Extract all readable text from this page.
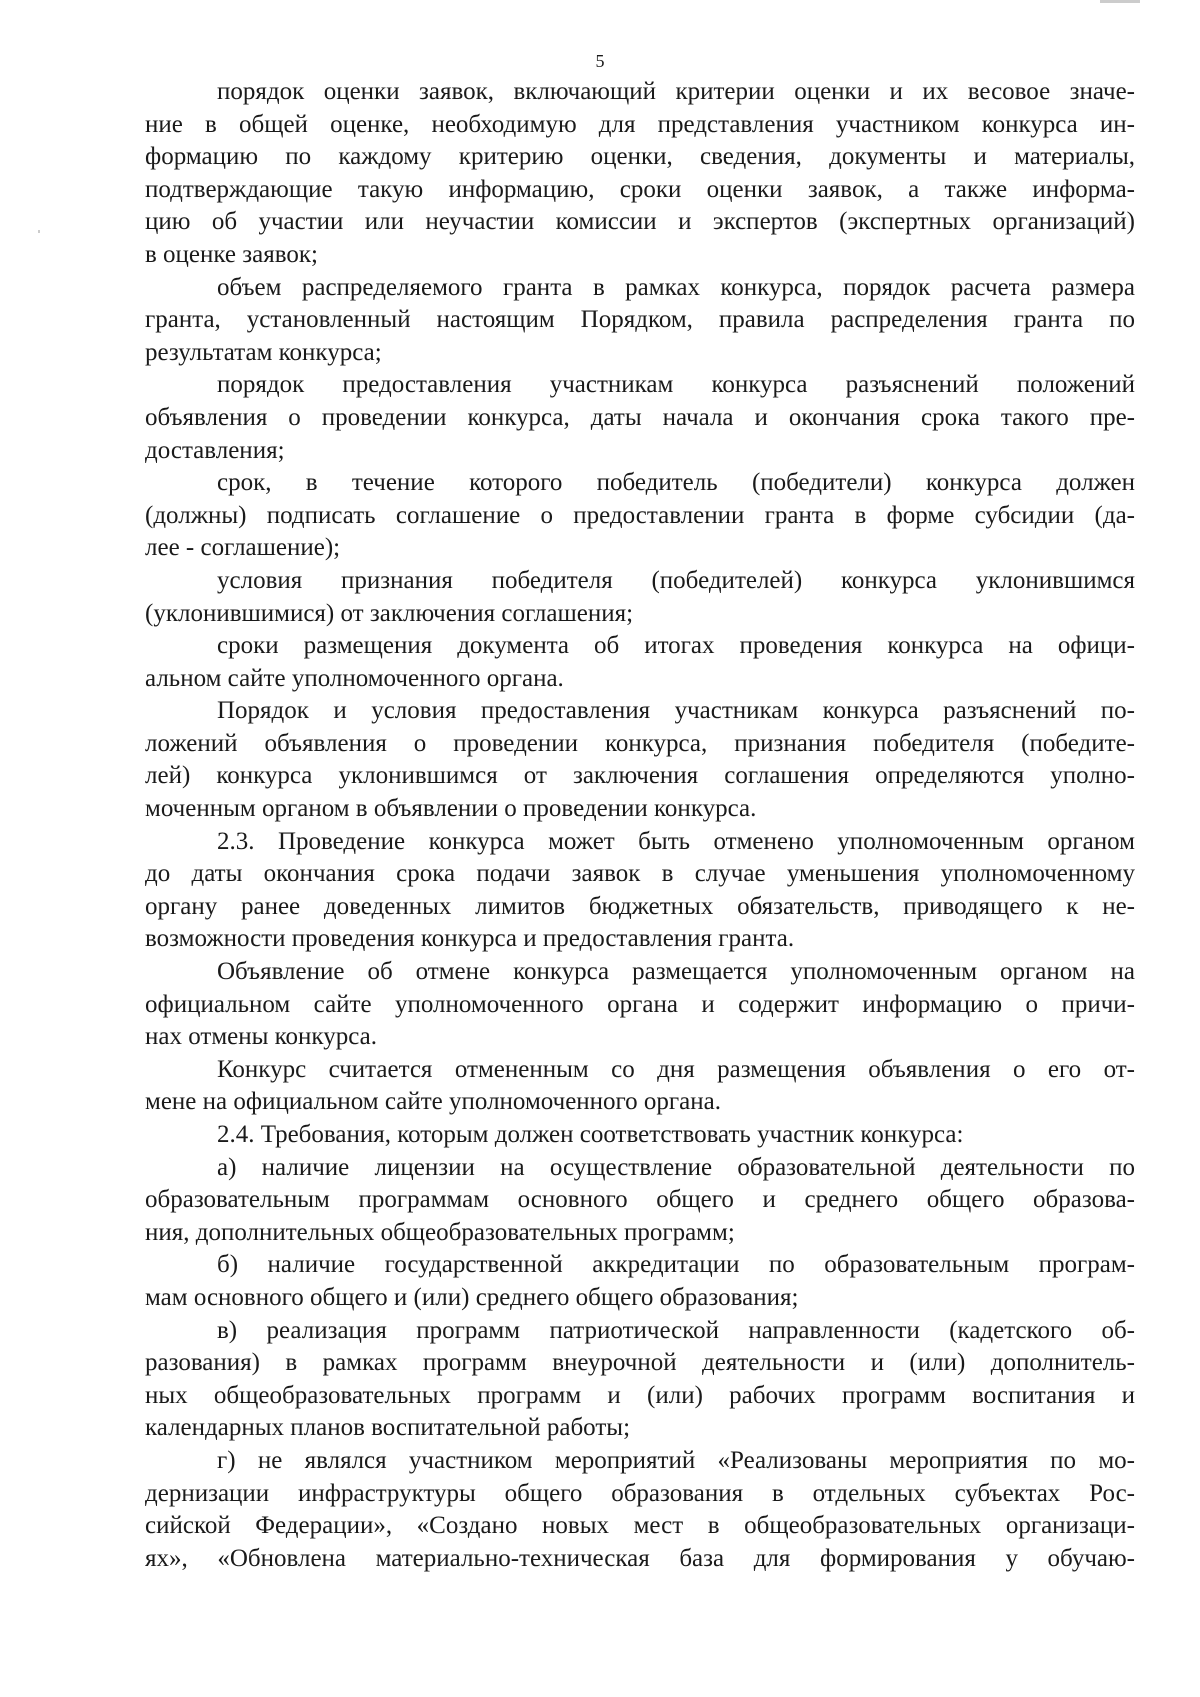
5

порядок оценки заявок, включающий критерии оценки и их весовое значе-
ние в общей оценке, необходимую для представления участником конкурса ин-
формацию по каждому критерию оценки, сведения, документы и материалы,
подтверждающие такую информацию, сроки оценки заявок, а также информа-
цию об участии или неучастии комиссии и экспертов (экспертных организаций)
в оценке заявок;

объем распределяемого гранта в рамках конкурса, порядок расчета размера
гранта, установленный настоящим Порядком, правила распределения гранта по
результатам конкурса;

порядок предоставления участникам конкурса разъяснений положений
объявления о проведении конкурса, даты начала и окончания срока такого пре-
доставления;

срок, в течение которого победитель (победители) конкурса должен
(должны) подписать соглашение о предоставлении гранта в форме субсидии (да-
лее - соглашение);

условия признания победителя (победителей) конкурса уклонившимся
(уклонившимися) от заключения соглашения;

сроки размещения документа об итогах проведения конкурса на офици-
альном сайте уполномоченного органа.

Порядок и условия предоставления участникам конкурса разъяснений по-
ложений объявления о проведении конкурса, признания победителя (победите-
лей) конкурса уклонившимся от заключения соглашения определяются уполно-
моченным органом в объявлении о проведении конкурса.

2.3. Проведение конкурса может быть отменено уполномоченным органом
до даты окончания срока подачи заявок в случае уменьшения уполномоченному
органу ранее доведенных лимитов бюджетных обязательств, приводящего к не-
возможности проведения конкурса и предоставления гранта.

Объявление об отмене конкурса размещается уполномоченным органом на
официальном сайте уполномоченного органа и содержит информацию о причи-
нах отмены конкурса.

Конкурс считается отмененным со дня размещения объявления о его от-
мене на официальном сайте уполномоченного органа.

2.4. Требования, которым должен соответствовать участник конкурса:

а) наличие лицензии на осуществление образовательной деятельности по
образовательным программам основного общего и среднего общего образова-
ния, дополнительных общеобразовательных программ;

б) наличие государственной аккредитации по образовательным програм-
мам основного общего и (или) среднего общего образования;

в) реализация программ патриотической направленности (кадетского об-
разования) в рамках программ внеурочной деятельности и (или) дополнитель-
ных общеобразовательных программ и (или) рабочих программ воспитания и
календарных планов воспитательной работы;

г) не являлся участником мероприятий «Реализованы мероприятия по мо-
дернизации инфраструктуры общего образования в отдельных субъектах Рос-
сийской Федерации», «Создано новых мест в общеобразовательных организаци-
ях», «Обновлена материально-техническая база для формирования у обучаю-
